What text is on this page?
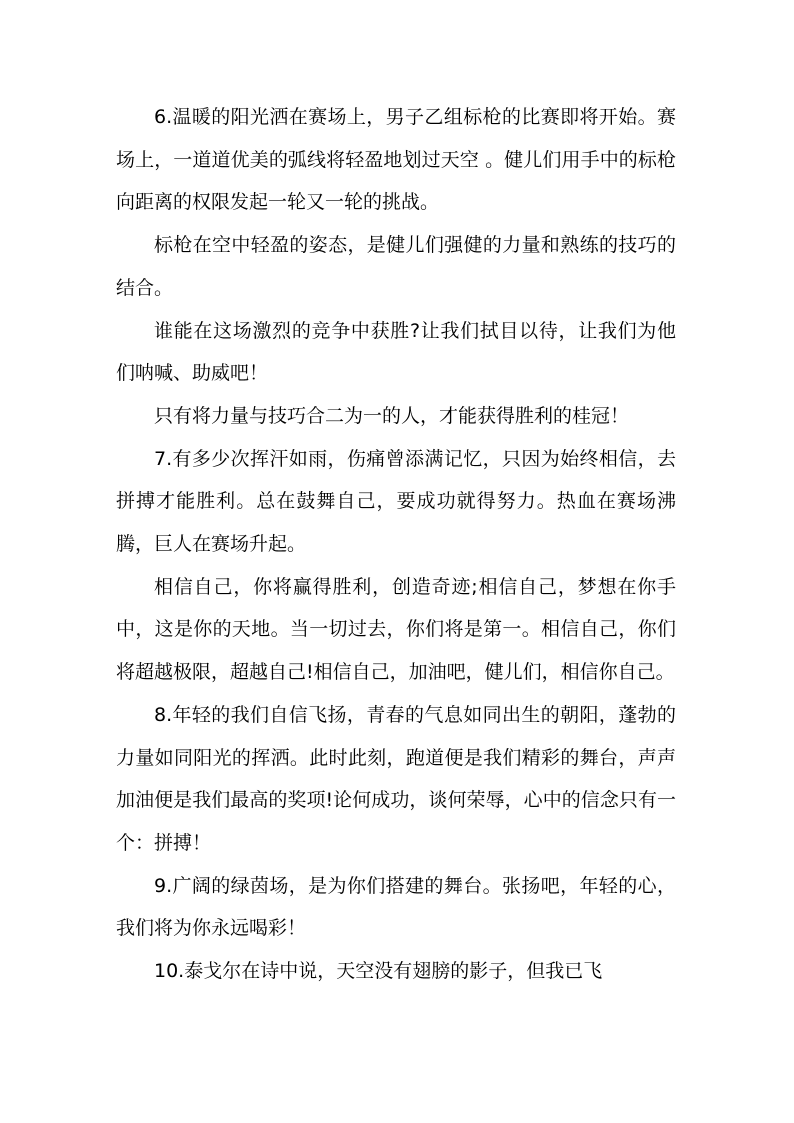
6.温暖的阳光洒在赛场上，男子乙组标枪的比赛即将开始。赛场上，一道道优美的弧线将轻盈地划过天空 。健儿们用手中的标枪向距离的权限发起一轮又一轮的挑战。

标枪在空中轻盈的姿态，是健儿们强健的力量和熟练的技巧的结合。

谁能在这场激烈的竞争中获胜?让我们拭目以待，让我们为他们呐喊、助威吧！

只有将力量与技巧合二为一的人，才能获得胜利的桂冠！

7.有多少次挥汗如雨，伤痛曾添满记忆，只因为始终相信，去拼搏才能胜利。总在鼓舞自己，要成功就得努力。热血在赛场沸腾，巨人在赛场升起。

相信自己，你将赢得胜利，创造奇迹;相信自己，梦想在你手中，这是你的天地。当一切过去，你们将是第一。相信自己，你们将超越极限，超越自己!相信自己，加油吧，健儿们，相信你自己。

8.年轻的我们自信飞扬，青春的气息如同出生的朝阳，蓬勃的力量如同阳光的挥洒。此时此刻，跑道便是我们精彩的舞台，声声加油便是我们最高的奖项!论何成功，谈何荣辱，心中的信念只有一个：拼搏！

9.广阔的绿茵场，是为你们搭建的舞台。张扬吧，年轻的心，我们将为你永远喝彩！

10.泰戈尔在诗中说，天空没有翅膀的影子，但我已飞
